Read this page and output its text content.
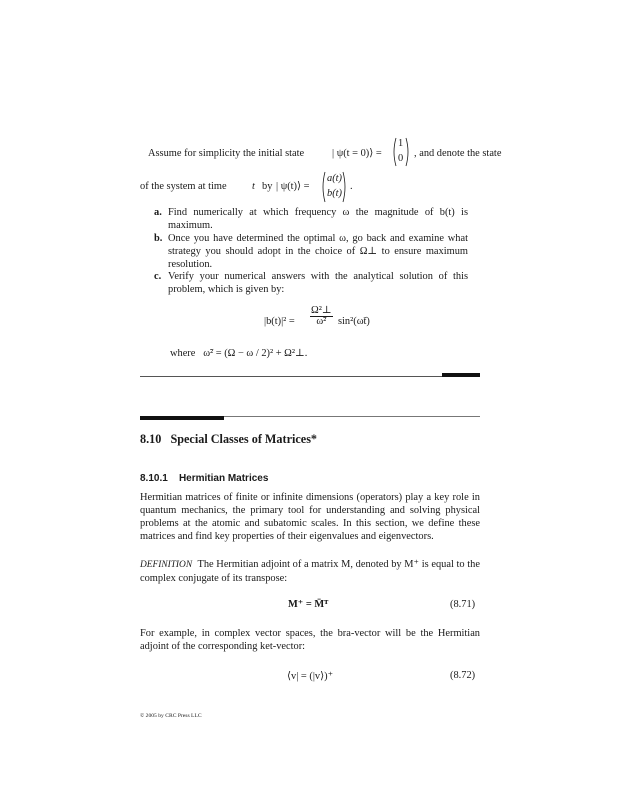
Assume for simplicity the initial state	| ψ(t = 0)⟩ =
1
0 , and denote the state
of the system at time t by | ψ(t)⟩ =
a(t)
b(t)
.
a. Find numerically at which frequency ω the magnitude of b(t) is maximum.
b. Once you have determined the optimal ω, go back and examine what strategy you should adopt in the choice of Ω⊥ to ensure maximum resolution.
c. Verify your numerical answers with the analytical solution of this problem, which is given by:
$|b(t)|^2 = \frac{\text{Ω²⊥}}{\text{ω̃²}}$ sin²(ω̃t)
where ω̃² = (Ω − ω / 2)² + Ω²⊥.
8.10 Special Classes of Matrices*
8.10.1 Hermitian Matrices
Hermitian matrices of finite or infinite dimensions (operators) play a key role in quantum mechanics, the primary tool for understanding and solving physical problems at the atomic and subatomic scales. In this section, we define these matrices and find key properties of their eigenvalues and eigenvectors.
DEFINITION The Hermitian adjoint of a matrix M, denoted by M⁺ is equal to the complex conjugate of its transpose:
M⁺ = M̄ᵀ	(8.71)
For example, in complex vector spaces, the bra-vector will be the Hermitian adjoint of the corresponding ket-vector:
⟨v| = (|v⟩)⁺	(8.72)
© 2005 by CRC Press LLC
